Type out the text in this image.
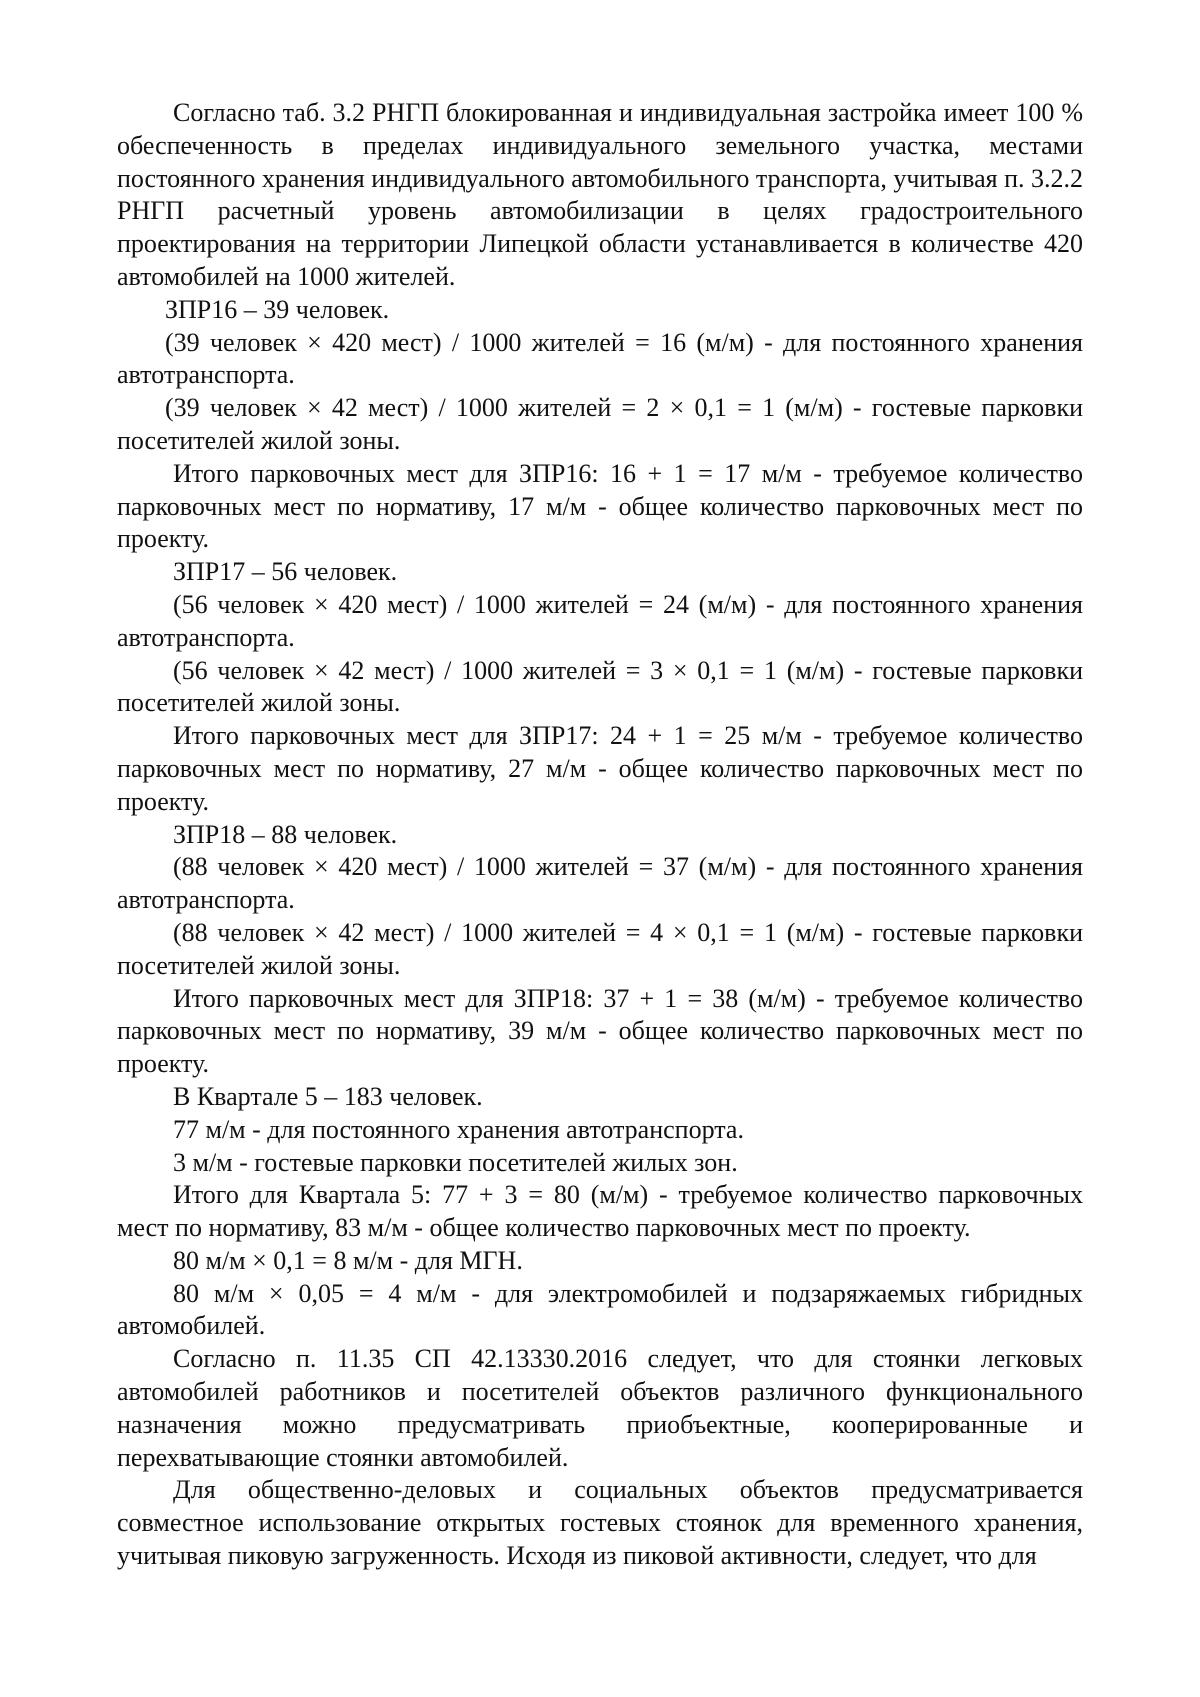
Согласно таб. 3.2 РНГП блокированная и индивидуальная застройка имеет 100 % обеспеченность в пределах индивидуального земельного участка, местами постоянного хранения индивидуального автомобильного транспорта, учитывая п. 3.2.2 РНГП расчетный уровень автомобилизации в целях градостроительного проектирования на территории Липецкой области устанавливается в количестве 420 автомобилей на 1000 жителей.

ЗПР16 – 39 человек.

(39 человек × 420 мест) / 1000 жителей = 16 (м/м) - для постоянного хранения автотранспорта.

(39 человек × 42 мест) / 1000 жителей = 2 × 0,1 = 1 (м/м) - гостевые парковки посетителей жилой зоны.

Итого парковочных мест для ЗПР16: 16 + 1 = 17 м/м - требуемое количество парковочных мест по нормативу, 17 м/м - общее количество парковочных мест по проекту.

ЗПР17 – 56 человек.

(56 человек × 420 мест) / 1000 жителей = 24 (м/м) - для постоянного хранения автотранспорта.

(56 человек × 42 мест) / 1000 жителей = 3 × 0,1 = 1 (м/м) - гостевые парковки посетителей жилой зоны.

Итого парковочных мест для ЗПР17: 24 + 1 = 25 м/м - требуемое количество парковочных мест по нормативу, 27 м/м - общее количество парковочных мест по проекту.

ЗПР18 – 88 человек.

(88 человек × 420 мест) / 1000 жителей = 37 (м/м) - для постоянного хранения автотранспорта.

(88 человек × 42 мест) / 1000 жителей = 4 × 0,1 = 1 (м/м) - гостевые парковки посетителей жилой зоны.

Итого парковочных мест для ЗПР18: 37 + 1 = 38 (м/м) - требуемое количество парковочных мест по нормативу, 39 м/м - общее количество парковочных мест по проекту.

В Квартале 5 – 183 человек.

77 м/м - для постоянного хранения автотранспорта.

3 м/м - гостевые парковки посетителей жилых зон.

Итого для Квартала 5: 77 + 3 = 80 (м/м) - требуемое количество парковочных мест по нормативу, 83 м/м - общее количество парковочных мест по проекту.

80 м/м × 0,1 = 8 м/м - для МГН.

80 м/м × 0,05 = 4 м/м - для электромобилей и подзаряжаемых гибридных автомобилей.

Согласно п. 11.35 СП 42.13330.2016 следует, что для стоянки легковых автомобилей работников и посетителей объектов различного функционального назначения можно предусматривать приобъектные, кооперированные и перехватывающие стоянки автомобилей.

Для общественно-деловых и социальных объектов предусматривается совместное использование открытых гостевых стоянок для временного хранения, учитывая пиковую загруженность. Исходя из пиковой активности, следует, что для
